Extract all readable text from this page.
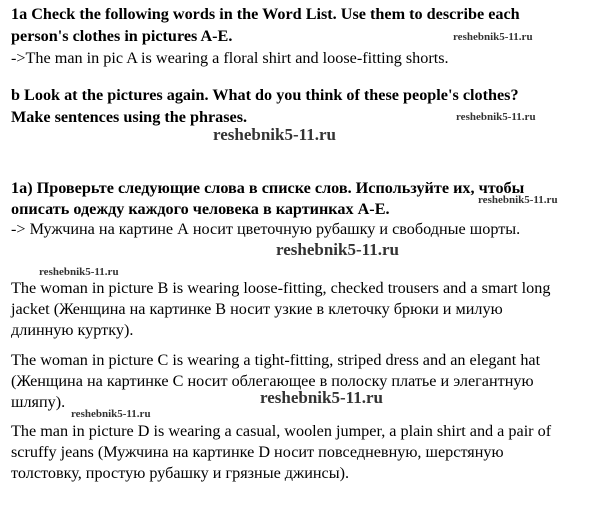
1a Check the following words in the Word List. Use them to describe each
person's clothes in pictures A-E.	reshebnik5-11.ru
->The man in pic A is wearing a floral shirt and loose-fitting shorts.
b Look at the pictures again. What do you think of these people's clothes?
Make sentences using the phrases.	reshebnik5-11.ru
reshebnik5-11.ru
1а) Проверьте следующие слова в списке слов. Используйте их, чтобы
описать одежду каждого человека в картинках A-E.	reshebnik5-11.ru
-> Мужчина на картине А носит цветочную рубашку и свободные шорты.
reshebnik5-11.ru
reshebnik5-11.ru
The woman in picture B is wearing loose-fitting, checked trousers and a smart long
jacket (Женщина на картинке В носит узкие в клеточку брюки и милую
длинную куртку).
The woman in picture C is wearing a tight-fitting, striped dress and an elegant hat
(Женщина на картинке С носит облегающее в полоску платье и элегантную
шляпу).	reshebnik5-11.ru
reshebnik5-11.ru
The man in picture D is wearing a casual, woolen jumper, a plain shirt and a pair of
scruffy jeans (Мужчина на картинке D носит повседневную, шерстяную
толстовку, простую рубашку и грязные джинсы).
